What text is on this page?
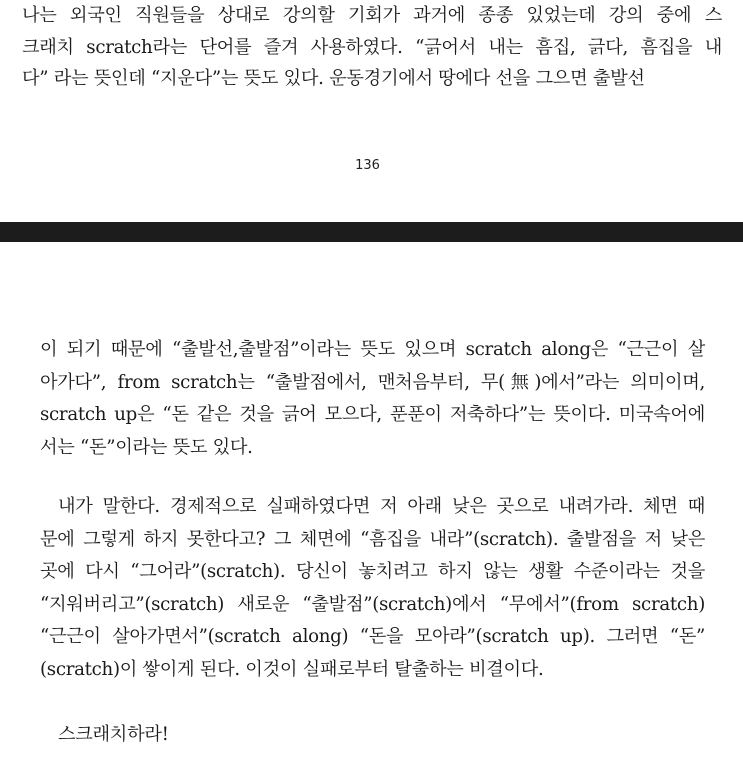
나는 외국인 직원들을 상대로 강의할 기회가 과거에 종종 있었는데 강의 중에 스
크래치 scratch라는 단어를 즐겨 사용하였다. “긁어서 내는 흠집, 긁다, 흠집을 내
다” 라는 뜻인데 “지운다”는 뜻도 있다. 운동경기에서 땅에다 선을 그으면 출발선
136
이 되기 때문에 “출발선,출발점”이라는 뜻도 있으며 scratch along은 “근근이 살
아가다”, from scratch는 “출발점에서, 맨처음부터, 무(無)에서”라는 의미이며,
scratch up은 “돈 같은 것을 긁어 모으다, 푼푼이 저축하다”는 뜻이다. 미국속어에
서는 “돈”이라는 뜻도 있다.
내가 말한다. 경제적으로 실패하였다면 저 아래 낮은 곳으로 내려가라. 체면 때
문에 그렇게 하지 못한다고? 그 체면에 “흠집을 내라”(scratch). 출발점을 저 낮은
곳에 다시 “그어라”(scratch). 당신이 놓치려고 하지 않는 생활 수준이라는 것을
“지워버리고”(scratch) 새로운 “출발점”(scratch)에서 “무에서”(from scratch)
“근근이 살아가면서”(scratch along) “돈을 모아라”(scratch up). 그러면 “돈”
(scratch)이 쌓이게 된다. 이것이 실패로부터 탈출하는 비결이다.
스크래치하라!
